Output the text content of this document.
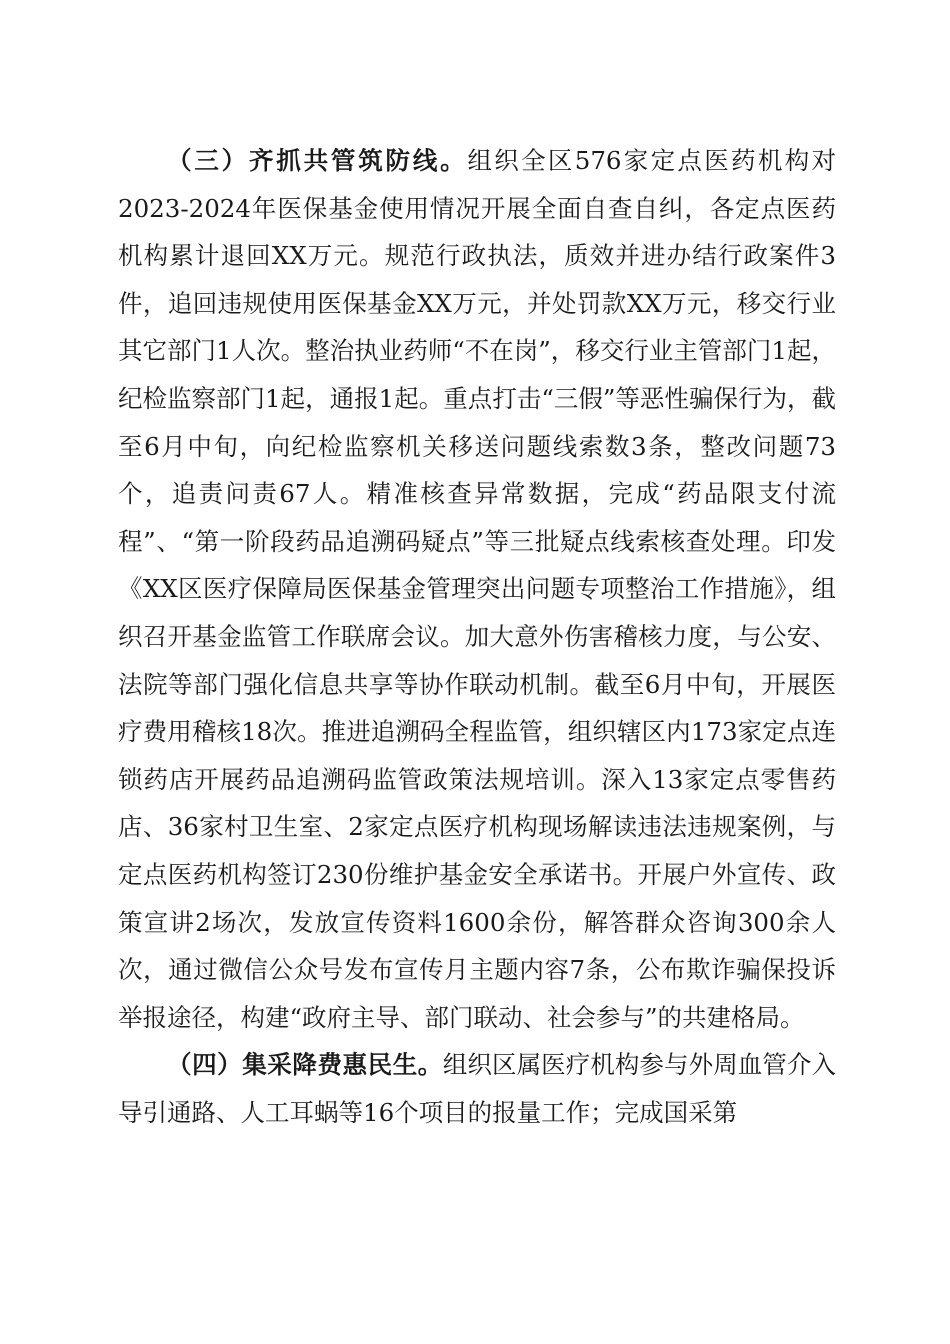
（三）齐抓共管筑防线。组织全区576家定点医药机构对2023-2024年医保基金使用情况开展全面自查自纠，各定点医药机构累计退回XX万元。规范行政执法，质效并进办结行政案件3件，追回违规使用医保基金XX万元，并处罚款XX万元，移交行业其它部门1人次。整治执业药师“不在岗”，移交行业主管部门1起，纪检监察部门1起，通报1起。重点打击“三假”等恶性骗保行为，截至6月中旬，向纪检监察机关移送问题线索数3条，整改问题73个，追责问责67人。精准核查异常数据，完成“药品限支付流程”、“第一阶段药品追溯码疑点”等三批疑点线索核查处理。印发《XX区医疗保障局医保基金管理突出问题专项整治工作措施》，组织召开基金监管工作联席会议。加大意外伤害稽核力度，与公安、法院等部门强化信息共享等协作联动机制。截至6月中旬，开展医疗费用稽核18次。推进追溯码全程监管，组织辖区内173家定点连锁药店开展药品追溯码监管政策法规培训。深入13家定点零售药店、36家村卫生室、2家定点医疗机构现场解读违法违规案例，与定点医药机构签订230份维护基金安全承诺书。开展户外宣传、政策宣讲2场次，发放宣传资料1600余份，解答群众咨询300余人次，通过微信公众号发布宣传月主题内容7条，公布欺诈骗保投诉举报途径，构建“政府主导、部门联动、社会参与”的共建格局。

（四）集采降费惠民生。组织区属医疗机构参与外周血管介入导引通路、人工耳蜗等16个项目的报量工作；完成国采第
